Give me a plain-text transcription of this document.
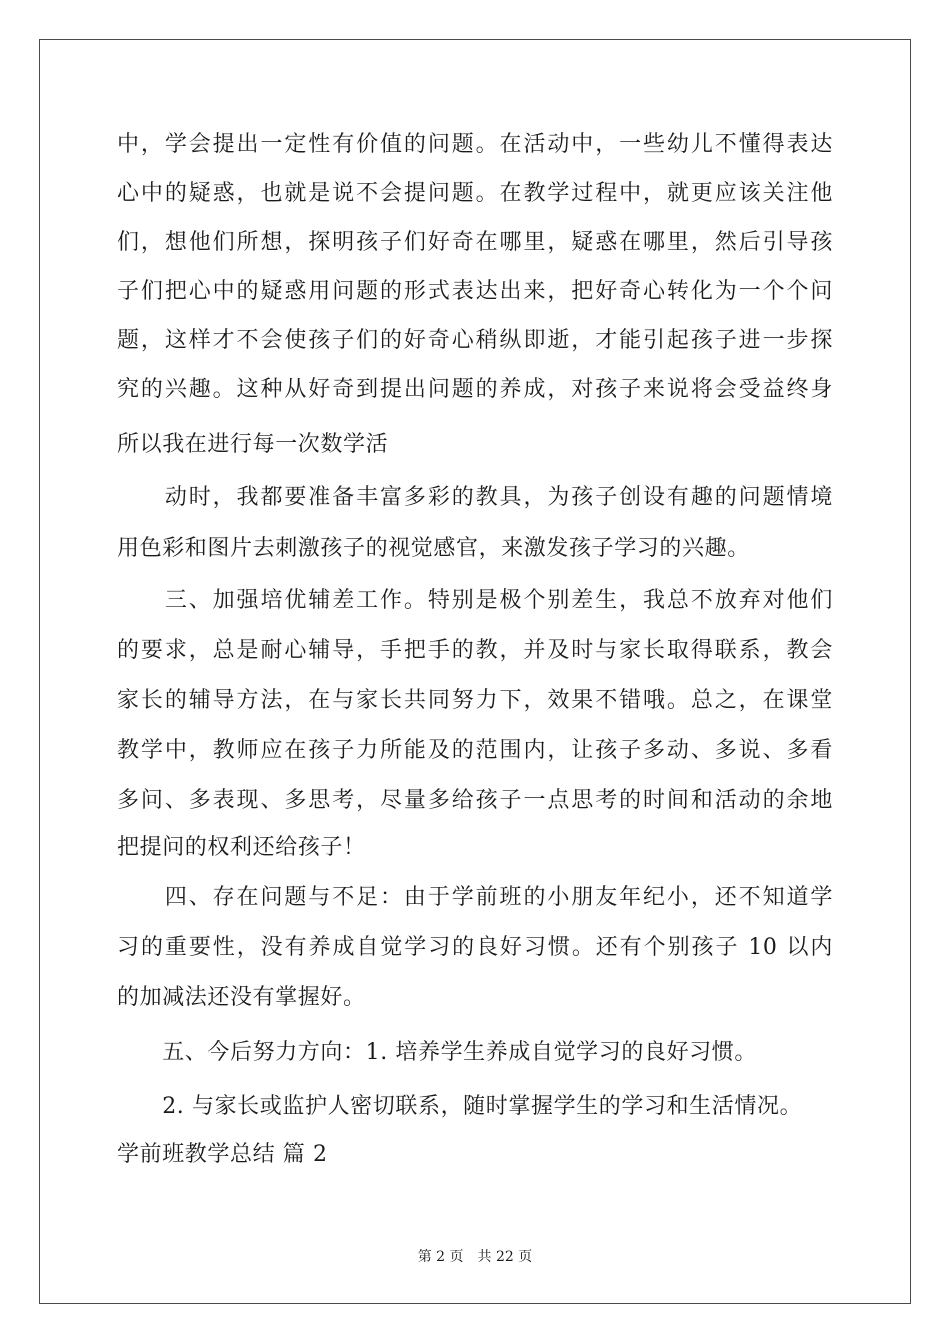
中，学会提出一定性有价值的问题。在活动中，一些幼儿不懂得表达
心中的疑惑，也就是说不会提问题。在教学过程中，就更应该关注他
们，想他们所想，探明孩子们好奇在哪里，疑惑在哪里，然后引导孩
子们把心中的疑惑用问题的形式表达出来，把好奇心转化为一个个问
题，这样才不会使孩子们的好奇心稍纵即逝，才能引起孩子进一步探
究的兴趣。这种从好奇到提出问题的养成，对孩子来说将会受益终身
所以我在进行每一次数学活
　　动时，我都要准备丰富多彩的教具，为孩子创设有趣的问题情境
用色彩和图片去刺激孩子的视觉感官，来激发孩子学习的兴趣。
　　三、加强培优辅差工作。特别是极个别差生，我总不放弃对他们
的要求，总是耐心辅导，手把手的教，并及时与家长取得联系，教会
家长的辅导方法，在与家长共同努力下，效果不错哦。总之，在课堂
教学中，教师应在孩子力所能及的范围内，让孩子多动、多说、多看
多问、多表现、多思考，尽量多给孩子一点思考的时间和活动的余地
把提问的权利还给孩子！
　　四、存在问题与不足：由于学前班的小朋友年纪小，还不知道学
习的重要性，没有养成自觉学习的良好习惯。还有个别孩子 10 以内
的加减法还没有掌握好。
　　五、今后努力方向：1. 培养学生养成自觉学习的良好习惯。
　　2. 与家长或监护人密切联系，随时掌握学生的学习和生活情况。
学前班教学总结 篇 2
第 2 页 共 22 页
